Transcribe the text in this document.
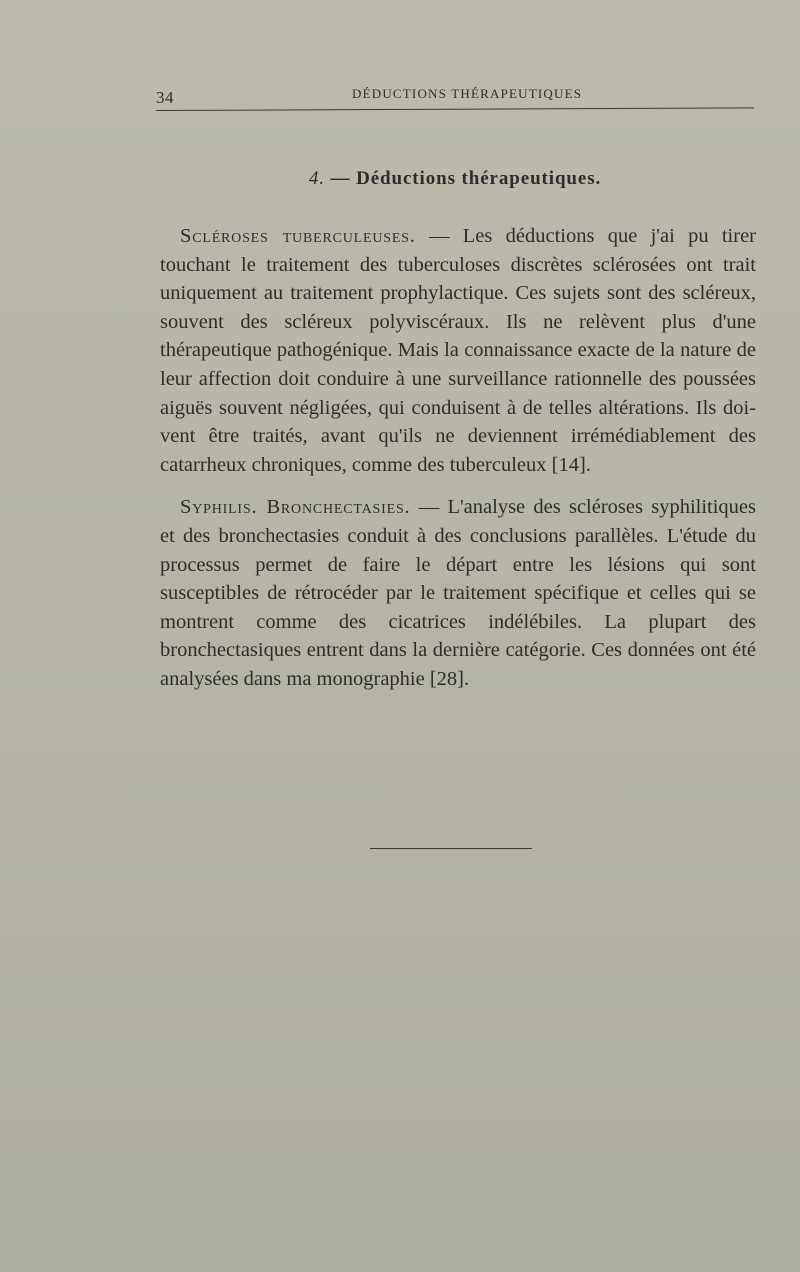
34	DÉDUCTIONS THÉRAPEUTIQUES
4. — Déductions thérapeutiques.

Scléroses tuberculeuses. — Les déductions que j'ai pu tirer touchant le traitement des tuberculoses discrètes sclérosées ont trait uniquement au traitement prophylactique. Ces sujets sont des scléreux, souvent des scléreux polyviscéraux. Ils ne relèvent plus d'une thérapeutique pathogénique. Mais la connaissance exacte de la nature de leur affection doit conduire à une surveillance rationnelle des poussées aiguës souvent négligées, qui conduisent à de telles altérations. Ils doivent être traités, avant qu'ils ne deviennent irrémédiablement des catarrheux chroniques, comme des tuberculeux [14].

Syphilis. Bronchectasies. — L'analyse des scléroses syphilitiques et des bronchectasies conduit à des conclusions parallèles. L'étude du processus permet de faire le départ entre les lésions qui sont susceptibles de rétrocéder par le traitement spécifique et celles qui se montrent comme des cicatrices indélébiles. La plupart des bronchectasiques entrent dans la dernière catégorie. Ces données ont été analysées dans ma monographie [28].
